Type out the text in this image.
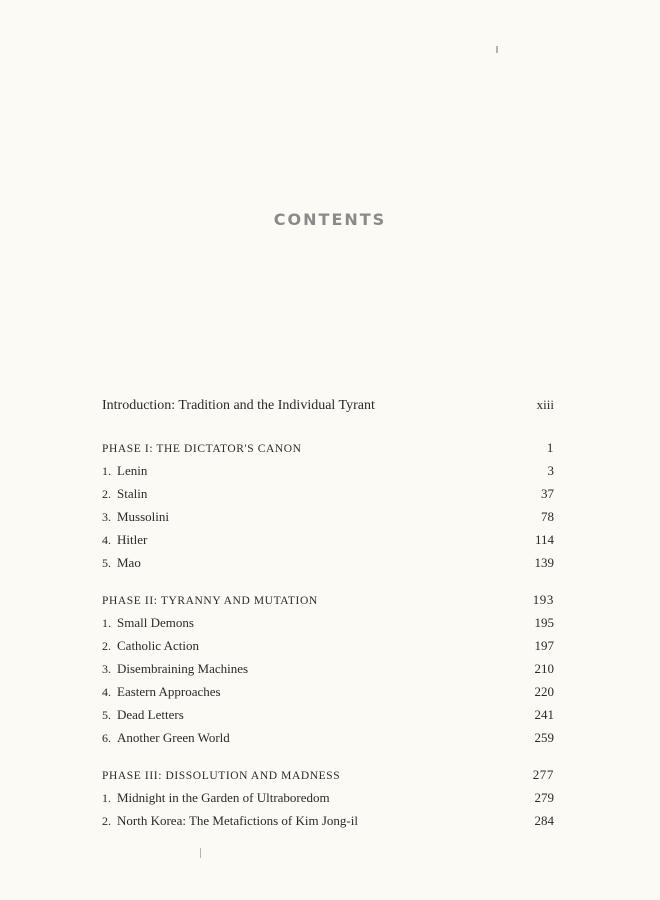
CONTENTS
Introduction: Tradition and the Individual Tyrant	xiii
PHASE I: THE DICTATOR'S CANON	1
1. Lenin	3
2. Stalin	37
3. Mussolini	78
4. Hitler	114
5. Mao	139
PHASE II: TYRANNY AND MUTATION	193
1. Small Demons	195
2. Catholic Action	197
3. Disembraining Machines	210
4. Eastern Approaches	220
5. Dead Letters	241
6. Another Green World	259
PHASE III: DISSOLUTION AND MADNESS	277
1. Midnight in the Garden of Ultraboredom	279
2. North Korea: The Metafictions of Kim Jong-il	284
